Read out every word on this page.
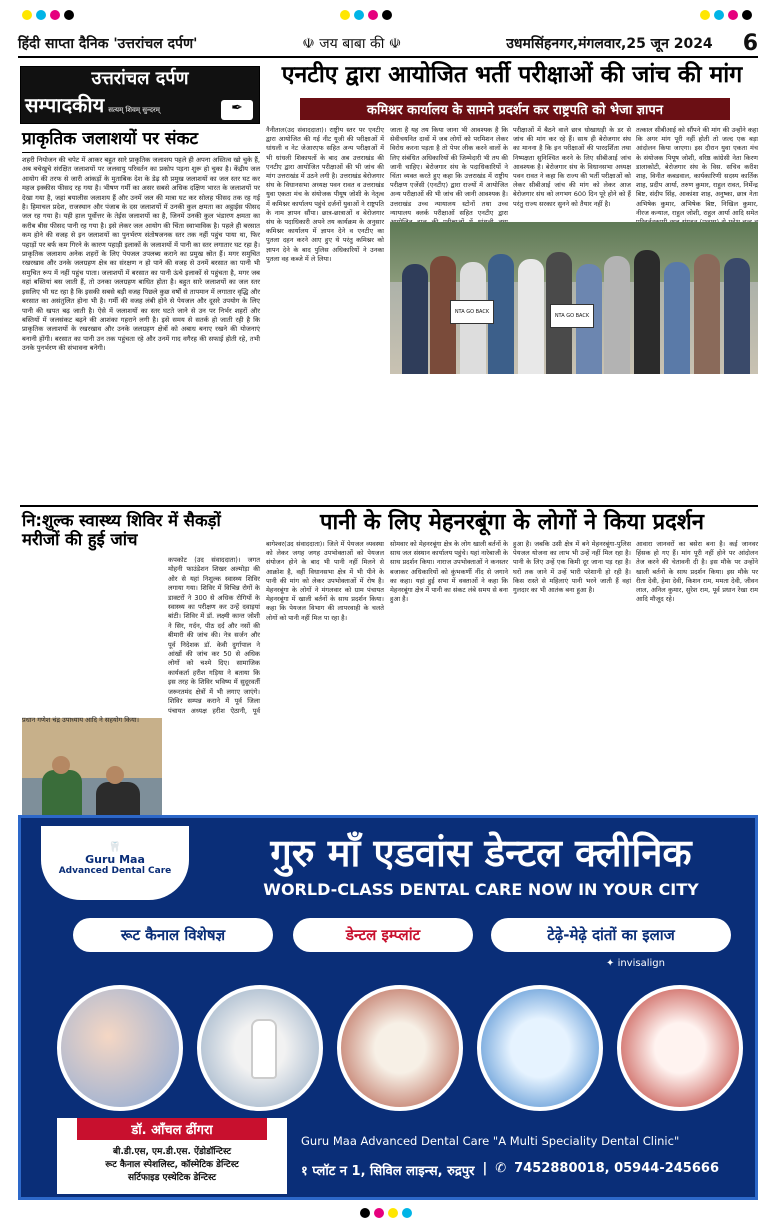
हिंदी साप्ता दैनिक 'उत्तरांचल दर्पण'	☫ जय बाबा की ☫	उधमसिंहनगर,मंगलवार,25 जून 2024 6
उत्तरांचल दर्पण
सम्पादकीय सत्यम् शिवम् सुन्दरम्	✒
प्राकृतिक जलाशयों पर संकट
शहरी नियोजन की चपेट में आकर बहुत सारे प्राकृतिक जलाशय पहले ही अपना अस्तित्व खो चुके हैं, अब बचेखुचे संरक्षित जलाशयों पर जलवायु परिवर्तन का प्रकोप पड़ना शुरू हो चुका है। केंद्रीय जल आयोग की तरफ से जारी आंकड़ों के मुताबिक देश के डेढ़ सौ प्रमुख जलाशयों का जल स्तर घट कर महज इक्कीस फीसद रह गया है। भीषण गर्मी का असर सबसे अधिक दक्षिण भारत के जलाशयों पर देखा गया है, जहां बयालीस जलाशय हैं और उनमें जल की मात्रा घट कर सोलह फीसद तक रह गई है। हिमाचल प्रदेश, राजस्थान और पंजाब के दस जलाशयों में उनकी कुल क्षमता का अट्ठाईस फीसद जल रह गया है। यही हाल पूर्वोत्तर के तेईस जलाशयों का है, जिनमें उनकी कुल भंडारण क्षमता का करीब बीस फीसद पानी रह गया है। इसे लेकर जल आयोग की चिंता स्वाभाविक है। पहले ही बरसात कम होने की वजह से इन जलाशयों का पुनर्भरण संतोषजनक स्तर तक नहीं पहुंच पाया था, फिर पहाड़ों पर बर्फ कम गिरने के कारण पहाड़ी इलाकों के जलाशयों में पानी का स्तर लगातार घट रहा है। प्राकृतिक जलाशय अनेक शहरों के लिए पेयजल उपलब्ध कराने का प्रमुख स्रोत हैं। मगर समुचित रखरखाव और उनके जलग्रहण क्षेत्र का संरक्षण न हो पाने की वजह से उनमें बरसात का पानी भी समुचित रूप में नहीं पहुंच पाता। जलाशयों में बरसात का पानी ऊंचे इलाकों से पहुंचता है, मगर जब वहां बस्तियां बस जाती हैं, तो उनका जलग्रहण बाधित होता है। बहुत सारे जलाशयों का जल स्तर इसलिए भी घट रहा है कि इसकी सबसे बड़ी वजह पिछले कुछ वर्षों से तापमान में लगातार वृद्धि और बरसात का असंतुलित होना भी है। गर्मी की वजह लंबी होने से पेयजल और दूसरे उपयोग के लिए पानी की खपत बढ़ जाती है। ऐसे में जलाशयों का स्तर घटते जाने से उन पर निर्भर शहरों और बस्तियों में जलसंकट बढ़ने की आशंका गहराने लगी है। इसे समय से सतर्क हो जाती रही है कि प्राकृतिक जलाशयों के रखरखाव और उनके जलग्रहण क्षेत्रों को अबाध बनाए रखने की योजनाएं बनानी होंगी। बरसात का पानी उन तक पहुंचता रहे और उनमें गाद वगैरह की सफाई होती रहे, तभी उनके पुनर्भरण की संभावना बनेगी।
एनटीए द्वारा आयोजित भर्ती परीक्षाओं की जांच की मांग
कमिश्नर कार्यालय के सामने प्रदर्शन कर राष्ट्रपति को भेजा ज्ञापन
नैनीताल(उद संवाददाता)। राष्ट्रीय स्तर पर एनटीए द्वारा आयोजित की गई नीट यूजी की परीक्षाओं में धांधली व नेट जेआरएफ सहित अन्य परीक्षाओं में भी धांधली शिकायतों के बाद अब उत्तराखंड की एनटीए द्वारा आयोजित परीक्षाओं की भी जांच की मांग उत्तराखंड में उठने लगी है। उत्तराखंड बेरोजगार संघ के विधानसभा अध्यक्ष पवन रावत व उत्तराखंड युवा एकता मंच के संयोजक पीयूष जोशी के नेतृत्व में कमिश्नर कार्यालय पहुंचे दर्जनों युवाओं ने राष्ट्रपति के नाम ज्ञापन सौंपा। छात्र-छात्राओं व बेरोजगार संघ के पदाधिकारी अपने तय कार्यक्रम के अनुसार कमिश्नर कार्यालय में ज्ञापन देने व एनटीए का पुतला दहन करने आए हुए थे परंतु कमिश्नर को ज्ञापन देने के बाद पुलिस अधिकारियों ने उनका पुतला वह कब्जे में ले लिया।
जाता है यह तय किया जाना भी आवश्यक है कि सेवीचयनित दावों में जब लोगों को परमिशन लेकर विरोध करना पड़ता है तो पेपर लीक करने वालों के लिए संबंधित अधिकारियों की जिम्मेदारी भी तय की जानी चाहिए। बेरोजगार संघ के पदाधिकारियों ने चिंता व्यक्त करते हुए कहा कि उत्तराखंड में राष्ट्रीय परीक्षण एजेंसी (एनटीए) द्वारा राज्यों में आयोजित अन्य परीक्षाओं की भी जांच की जानी आवश्यक है। उत्तराखंड उच्च न्यायालय स्टोनों तथा उच्च न्यायालय क्लर्क परीक्षाओं सहित एनटीए द्वारा
परीक्षाओं में बैठने वाले छात्र धोखाधड़ी के डर से जांच की मांग कर रहे हैं। साथ ही बेरोजगार संघ का मानना है कि इन परीक्षाओं की पारदर्शिता तथा निष्पक्षता सुनिश्चित करने के लिए सीबीआई जांच आवश्यक है। बेरोजगार संघ के विधानसभा अध्यक्ष पवन रावत ने कहा कि राज्य की भर्ती परीक्षाओं को लेकर सीबीआई जांच की मांग को लेकर आज बेरोजगार संघ को लगभग 600 दिन पूरे होने को हैं परंतु राज्य सरकार सुनने को तैयार नहीं है।
तत्काल सीबीआई को सौंपने की मांग की उन्होंने कहा कि अगर मांग पूरी नहीं होती तो जल्द एक बड़ा आंदोलन किया जाएगा। इस दौरान युवा एकता मंच के संयोजक पियूष जोशी, वरिष्ठ कांग्रेसी नेता किरण डालाकोटी, बेरोजगार संघ के विस. सचिव करीश शाह, विनीत कबडवाल, कार्यकारिणी सदस्य कार्तिक शाह, प्रदीप आर्या, तरुण कुमार, राहुल रावत, निर्मेन्द्र बिष्ट, संदीप सिंह, आकांशा शाह, अनुष्का, छात्र नेता अभिषेक कुमार, अभिषेक बिष्ट, निखिल कुमार, नीरज कन्याल, राहुल जोशी, राहुल आर्या आदि समेत
NTA GO BACK
NTA GO BACK
नि:शुल्क स्वास्थ्य शिविर में सैकड़ों मरीजों की हुई जांच
कपकोट (उद संवाददाता)। जगत मोहनी फाउंडेशन शिखर अल्मोड़ा की ओर से यहां निशुल्क स्वास्थ्य शिविर लगाया गया। शिविर में विभिन्न रोगों के डाक्टरों ने 300 से अधिक रोगियों के स्वास्थ्य का परीक्षण कर उन्हें दवाइयां बांटी। शिविर में डॉ. लक्ष्मी कान्त जोशी ने सिर, गर्दन, पीठ दर्द और नसों की बीमारी की जांच की। नेत्र सर्जन और पूर्व निदेशक डॉ. केवी दुर्गापाल ने आंखों की जांच कर 50 से अधिक लोगों को चश्मे दिए। सामाजिक कार्यकर्ता हरीश गड़िया ने बताया कि इस तरह के शिविर भविष्य में सुदूरवर्ती जरूरतमंद क्षेत्रों में भी लगाए जाएंगे। शिविर सम्पन्न कराने में पूर्व जिला पंचायत अध्यक्ष हरीश ऐठानी, पूर्व प्रधान गणेश चंद्र उपाध्याय आदि ने सहयोग किया।
पानी के लिए मेहनरबूंगा के लोगों ने किया प्रदर्शन
बागेश्वर(उद संवाददाता)। जिले में पेयजल व्यवस्था को लेकर जगह जगह उपभोक्ताओं को पेयजल संयोजन होने के बाद भी पानी नहीं मिलने से आक्रोश है, वहीं विधानसभा क्षेत्र में भी पीने के पानी की मांग को लेकर उपभोक्ताओं में रोष है। मेहनरबूंगा के लोगों ने मंगलवार को ग्राम पंचायत मेहनरबूंगा में खाली बर्तनों के साथ प्रदर्शन किया। कहा कि पेयजल विभाग की लापरवाही के चलते लोगों को पानी नहीं मिल पा रहा है।
सोमवार को मेहनरबूंगा क्षेत्र के लोग खाली बर्तनों के साथ जल संस्थान कार्यालय पहुंचे। यहां नारेबाजी के साथ प्रदर्शन किया। नाराज उपभोक्ताओं ने कनस्तर बजाकर अधिकारियों को कुंभकर्णी नींद से जगाने का कहा। यहां हुई सभा में वक्ताओं ने कहा कि मेहनरबूंगा क्षेत्र में पानी का संकट लंबे समय से बना हुआ है।
हुआ है। जबकि उसी क्षेत्र में बने मेहनरबूंगा-पुलिस पेयजल योजना का लाभ भी उन्हें नहीं मिल रहा है। पानी के लिए उन्हें एक किमी दूर जाना पड़ रहा है। घरों तक जाने में उन्हें भारी परेशानी हो रही है। किस रास्ते से महिलाएं पानी भरने जाती हैं वहां गुलदार का भी आतंक बना हुआ है।
आवारा जानवरों का बसेरा बना है। कई जानवर हिंसक हो गए हैं। मांग पूरी नहीं होने पर आंदोलन तेज करने की चेतावनी दी है। इस मौके पर उन्होंने खाली बर्तनों के साथ प्रदर्शन किया। इस मौके पर रीता देवी, हेमा देवी, किशन राम, ममता देवी, जीवन लाल, अनिल कुमार, सुरेश राम, पूर्व प्रधान रेखा राम आदि मौजूद रहे।
🦷
Guru Maa
Advanced Dental Care	गुरु माँ एडवांस डेन्टल क्लीनिक
WORLD-CLASS DENTAL CARE NOW IN YOUR CITY
रूट कैनाल विशेषज्ञ	डेन्टल इम्प्लांट	टेढ़े-मेढ़े दांतों का इलाज
✦ invisalign
डॉ. आँचल ढींगरा
बी.डी.एस, एम.डी.एस. ऐंडोडॉन्टिस्ट
रूट कैनाल स्पेशलिस्ट, कॉस्मेटिक डेन्टिस्ट
सर्टिफाइड एस्थेटिक डेन्टिस्ट
Guru Maa Advanced Dental Care "A Multi Speciality Dental Clinic"
१ प्लॉट न 1, सिविल लाइन्स, रुद्रपुर | ✆ 7452880018, 05944-245666
